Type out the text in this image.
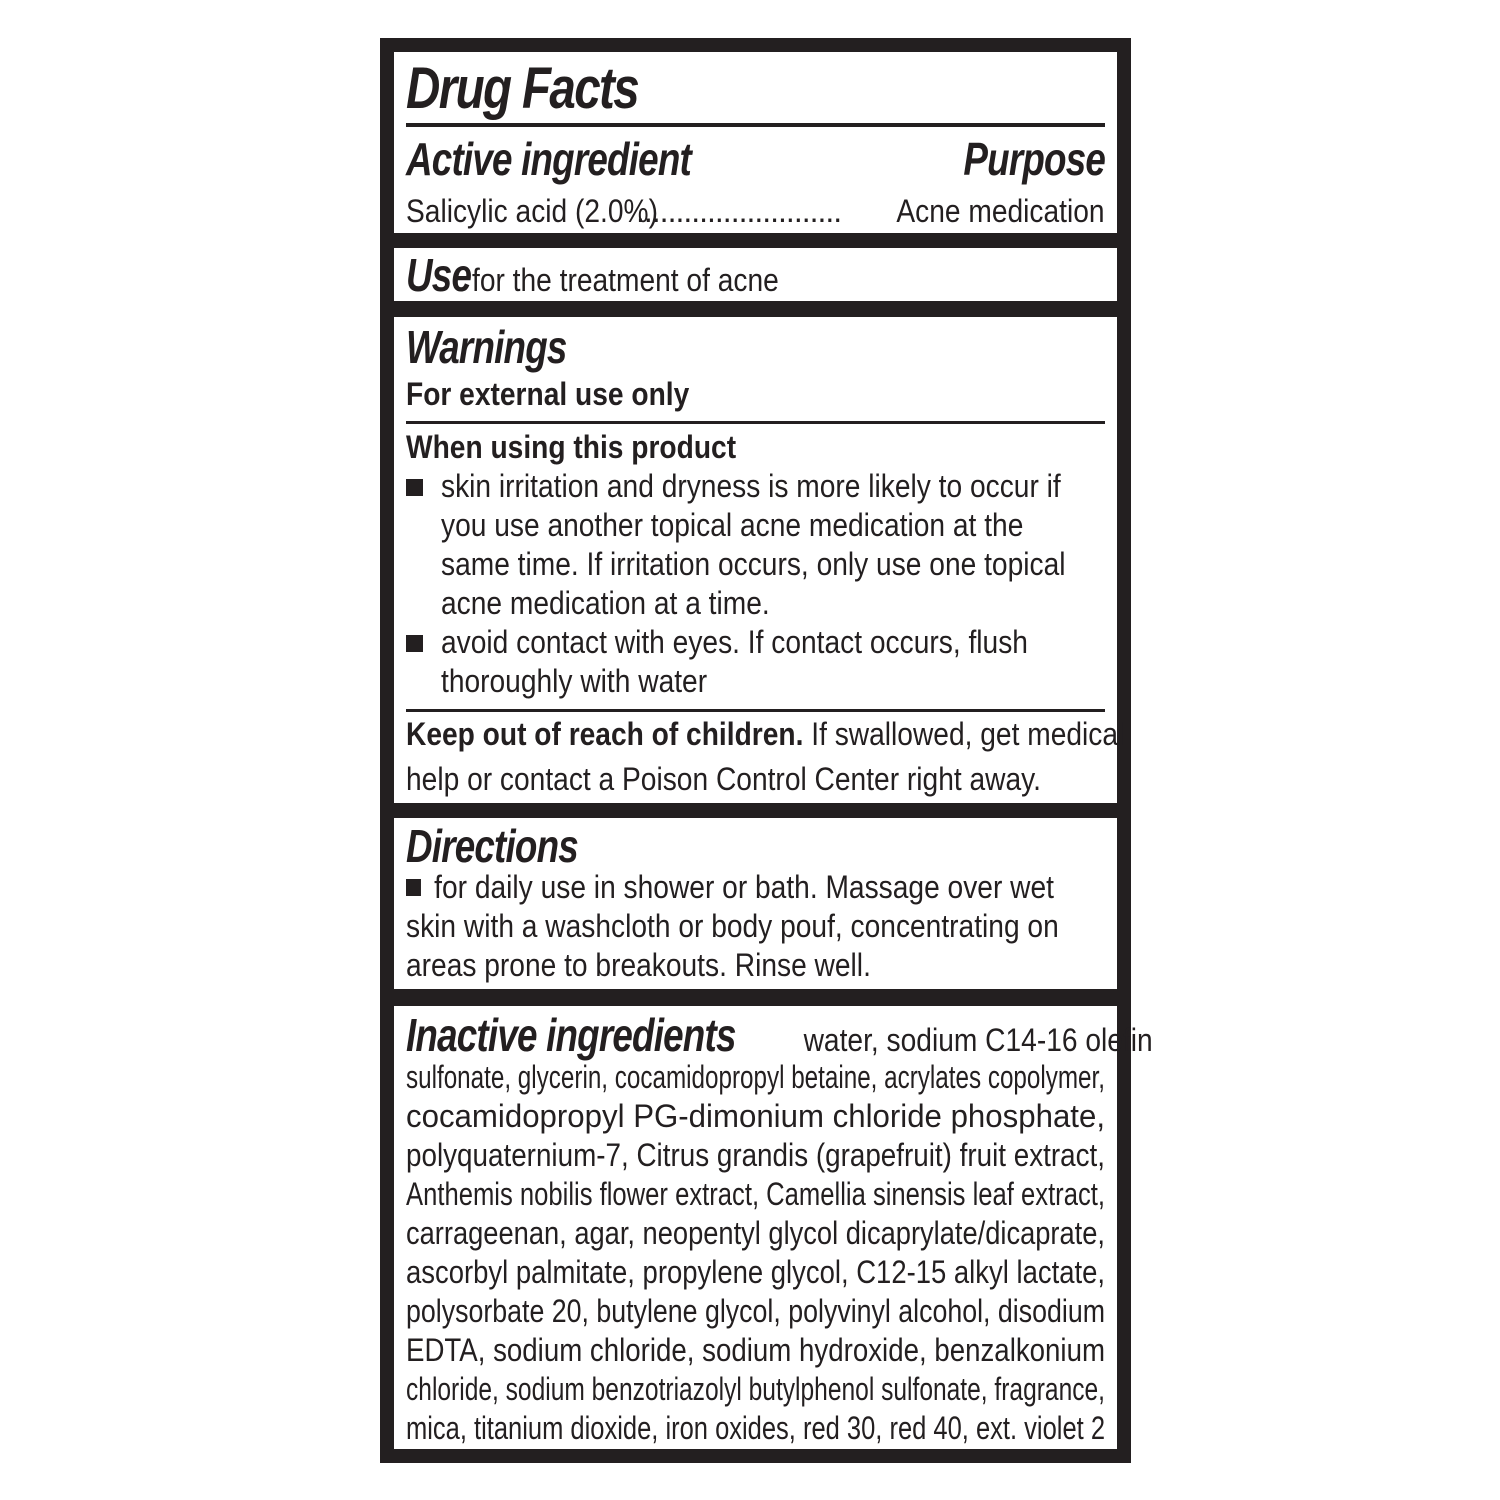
Drug Facts
Active ingredient	Purpose
Salicylic acid (2.0%)
..........................	Acne medication
Use for the treatment of acne
Warnings
For external use only
When using this product
skin irritation and dryness is more likely to occur if
you use another topical acne medication at the
same time. If irritation occurs, only use one topical
acne medication at a time.
avoid contact with eyes. If contact occurs, flush
thoroughly with water
Keep out of reach of children. If swallowed, get medical
help or contact a Poison Control Center right away.
Directions
for daily use in shower or bath. Massage over wet
skin with a washcloth or body pouf, concentrating on
areas prone to breakouts. Rinse well.
Inactive ingredients water, sodium C14-16 olefin
sulfonate, glycerin, cocamidopropyl betaine, acrylates copolymer,
cocamidopropyl PG-dimonium chloride phosphate,
polyquaternium-7, Citrus grandis (grapefruit) fruit extract,
Anthemis nobilis flower extract, Camellia sinensis leaf extract,
carrageenan, agar, neopentyl glycol dicaprylate/dicaprate,
ascorbyl palmitate, propylene glycol, C12-15 alkyl lactate,
polysorbate 20, butylene glycol, polyvinyl alcohol, disodium
EDTA, sodium chloride, sodium hydroxide, benzalkonium
chloride, sodium benzotriazolyl butylphenol sulfonate, fragrance,
mica, titanium dioxide, iron oxides, red 30, red 40, ext. violet 2
